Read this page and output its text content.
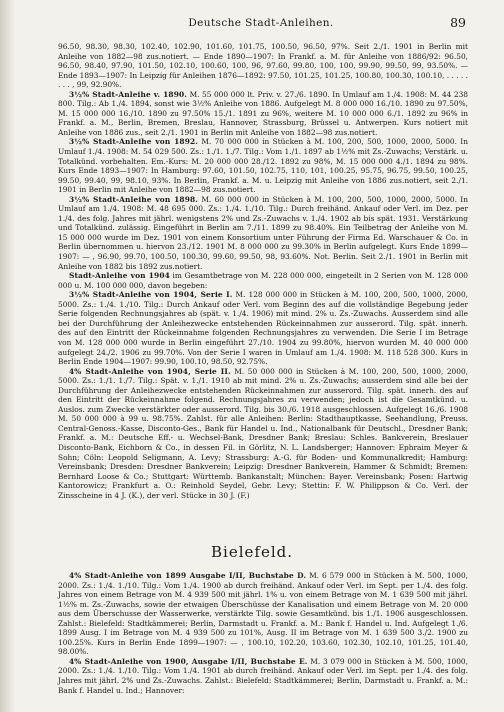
Deutsche Stadt-Anleihen.	89

96.50, 98.30, 98.30, 102.40, 102.90, 101.60, 101.75, 100.50, 96.50, 97%. Seit 2./1. 1901 in Berlin mit Anleihe von 1882—98 zus.notiert. — Ende 1890—1907: In Frankf. a. M. für Anleihe von 1886/92: 96.50, 96.50, 98.40, 97.90, 101.50, 102.10, 100.60, 100, 96, 97.60, 99.80, 100, 100, 99.90, 99.50, 99, 93.50%. — Ende 1893—1907: In Leipzig für Anleihen 1876—1892: 97.50, 101.25, 101.25, 100.80, 100.30, 100.10, . . . . . . . . , 99, 92.90%.

3½% Stadt-Anleihe v. 1890. M. 55 000 000 lt. Priv. v. 27./6. 1890. In Umlauf am 1./4. 1908: M. 44 238 800. Tilg.: Ab 1./4. 1894, sonst wie 3½% Anleihe von 1886. Aufgelegt M. 8 000 000 16./10. 1890 zu 97.50%, M. 15 000 000 16./10. 1890 zu 97.50% 15./1. 1891 zu 96%, weitere M. 10 000 000 6./1. 1892 zu 96% in Frankf. a. M., Berlin, Bremen, Breslau, Hannover, Strassburg, Brüssel u. Antwerpen. Kurs notiert mit Anleihe von 1886 zus., seit 2./1. 1901 in Berlin mit Anleihe von 1882—98 zus.notiert.

3½% Stadt-Anleihe von 1892. M. 70 000 000 in Stücken à M. 100, 200, 500, 1000, 2000, 5000. In Umlauf 1./4. 1908: M. 54 029 500. Zs.: 1./1. 1./7. Tilg.: Vom 1./1. 1897 ab 1½% mit Zs.-Zuwachs; Verstärk. u. Totalkünd. vorbehalten. Em.-Kurs: M. 20 000 000 28./12. 1892 zu 98%, M. 15 000 000 4./1. 1894 zu 98%. Kurs Ende 1893—1907: In Hamburg: 97.60, 101.50, 102.75, 110, 101, 100.25, 95.75, 96.75, 99.50, 100.25, 99.50, 99.40, 99, 98.10, 93%. In Berlin, Frankf. a. M. u. Leipzig mit Anleihe von 1886 zus.notiert, seit 2./1. 1901 in Berlin mit Anleihe von 1882—98 zus.notiert.

3½% Stadt-Anleihe von 1898. M. 60 000 000 in Stücken à M. 100, 200, 500, 1000, 2000, 5000. In Umlauf am 1./4. 1908: M. 48 695 000. Zs.: 1./4. 1./10. Tilg.: Durch freihänd. Ankauf oder Verl. im Dez. per 1./4. des folg. Jahres mit jährl. wenigstens 2% und Zs.-Zuwachs v. 1./4. 1902 ab bis spät. 1931. Verstärkung und Totalkünd. zulässig. Eingeführt in Berlin am 7./11. 1899 zu 98.40%. Ein Teilbetrag der Anleihe von M. 15 000 000 wurde im Dez. 1901 von einem Konsortium unter Führung der Firma Ed. Warschauer & Co. in Berlin übernommen u. hiervon 23./12. 1901 M. 8 000 000 zu 99.30% in Berlin aufgelegt. Kurs Ende 1899—1907: — , 96.90, 99.70, 100.50, 100.30, 99.60, 99.50, 98, 93.60%. Not. Berlin. Seit 2./1. 1901 in Berlin mit Anleihe von 1882 bis 1892 zus.notiert.

Stadt-Anleihe von 1904 im Gesamtbetrage von M. 228 000 000, eingeteilt in 2 Serien von M. 128 000 000 u. M. 100 000 000, davon begeben:

3½% Stadt-Anleihe von 1904, Serie I. M. 128 000 000 in Stücken à M. 100, 200, 500, 1000, 2000, 5000. Zs.: 1./4. 1./10. Tilg.: Durch Ankauf oder Verl. vom Beginn des auf die vollständige Begebung jeder Serie folgenden Rechnungsjahres ab (spät. v. 1./4. 1906) mit mind. 2% u. Zs.-Zuwachs. Ausserdem sind alle bei der Durchführung der Anleihezwecke entstehenden Rückeinnahmen zur ausserord. Tilg. spät. innerh. des auf den Eintritt der Rückeinnahme folgenden Rechnungsjahres zu verwenden. Die Serie I im Betrage von M. 128 000 000 wurde in Berlin eingeführt 27./10. 1904 zu 99.80%, hiervon wurden M. 40 000 000 aufgelegt 24./2. 1906 zu 99.70%. Von der Serie I waren in Umlauf am 1./4. 1908: M. 118 528 300. Kurs in Berlin Ende 1904—1907: 99.90, 100.10, 98.50, 92.75%.

4% Stadt-Anleihe von 1904, Serie II. M. 50 000 000 in Stücken à M. 100, 200, 500, 1000, 2000, 5000. Zs.: 1./1. 1./7. Tilg.: Spät. v. 1./1. 1910 ab mit mind. 2% u. Zs.-Zuwachs; ausserdem sind alle bei der Durchführung der Anleihezwecke entstehenden Rückeinnahmen zur ausserord. Tilg. spät. innerh. des auf den Eintritt der Rückeinnahme folgend. Rechnungsjahres zu verwenden; jedoch ist die Gesamtkünd. u. Auslos. zum Zwecke verstärkter oder ausserord. Tilg. bis 30./6. 1918 ausgeschlossen. Aufgelegt 16./6. 1908 M. 50 000 000 à 99 u. 98.75%. Zahlst. für alle Anleihen: Berlin: Stadthauptkasse, Seehandlung, Preuss. Central-Genoss.-Kasse, Disconto-Ges., Bank für Handel u. Ind., Nationalbank für Deutschl., Dresdner Bank; Frankf. a. M.: Deutsche Eff.- u. Wechsel-Bank, Dresdner Bank; Breslau: Schles. Bankverein, Breslauer Disconto-Bank, Eichborn & Co., in dessen Fil. in Görlitz, N. L. Landsberger; Hannover: Ephraim Meyer & Sohn; Cöln: Leopold Seligmann, A. Levy; Strassburg: A.-G. für Boden- und Kommunalkredit; Hamburg: Vereinsbank; Dresden: Dresdner Bankverein; Leipzig: Dresdner Bankverein, Hammer & Schmidt; Bremen: Bernhard Loose & Co.; Stuttgart: Württemb. Bankanstalt; München: Bayer. Vereinsbank; Posen: Hartwig Kantorowicz; Frankfurt a. O.: Reinhold Seydel, Gebr. Levy; Stettin: F. W. Philippson & Co. Verl. der Zinsscheine in 4 J. (K.), der verl. Stücke in 30 J. (F.)

Bielefeld.

4% Stadt-Anleihe von 1899 Ausgabe I/II, Buchstabe D. M. 6 579 000 in Stücken à M. 500, 1000, 2000. Zs.: 1./4. 1./10. Tilg.: Vom 1./4. 1900 ab durch freihänd. Ankauf oder Verl. im Sept. per 1./4. des folg. Jahres von einem Betrage von M. 4 939 500 mit jährl. 1% u. von einem Betrage von M. 1 639 500 mit jährl. 1½% m. Zs.-Zuwachs, sowie der etwaigen Überschüsse der Kanalisation und einem Betrage von M. 20 000 aus dem Überschusse der Wasserwerke, verstärkte Tilg. sowie Gesamtkünd. bis 1./1. 1906 ausgeschlossen. Zahlst.: Bielefeld: Stadtkämmerei; Berlin, Darmstadt u. Frankf. a. M.: Bank f. Handel u. Ind. Aufgelegt 1./6. 1899 Ausg. I im Betrage von M. 4 939 500 zu 101%, Ausg. II im Betrage von M. 1 639 500 3./2. 1900 zu 100.25%. Kurs in Berlin Ende 1899—1907: — , 100.10, 102.20, 103.60, 102.30, 102.10, 101.25, 101.40, 98.00%.

4% Stadt-Anleihe von 1900, Ausgabe I/II, Buchstabe E. M. 3 079 000 in Stücken à M. 500, 1000, 2000. Zs.: 1./4. 1./10. Tilg.: Vom 1./4. 1901 ab durch freihänd. Ankauf oder Verl. im Sept. per 1./4. des folg. Jahres mit jährl. 2% und Zs.-Zuwachs. Zahlst.: Bielefeld: Stadtkämmerei; Berlin, Darmstadt u. Frankf. a. M.: Bank f. Handel u. Ind.; Hannover:
